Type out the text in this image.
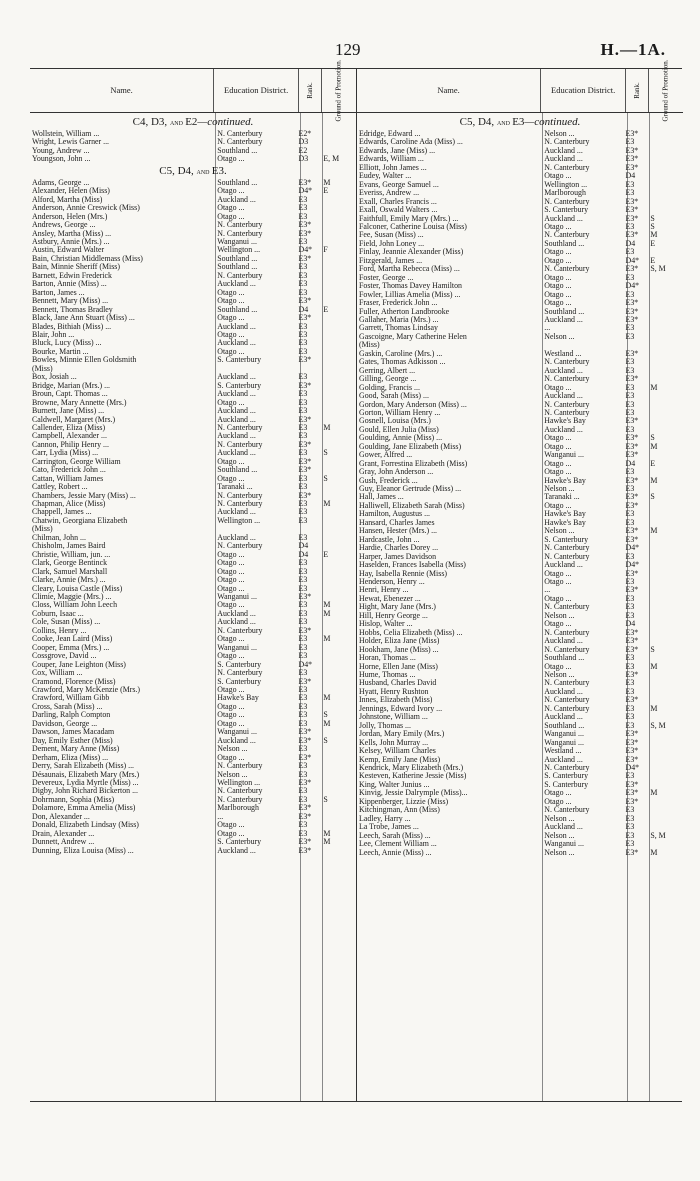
129	H.—1A.
Name.	Education District.	Rank.	Ground of Promotion.
C4, D3, and E2—continued.
Wollstein, William ...	N. Canterbury	E2*
Wright, Lewis Garner ...	N. Canterbury	D3
Young, Andrew ...	Southland ...	E2
Youngson, John ...	Otago ...	D3	E, M
C5, D4, and E3.
Adams, George ...	Southland ...	E3*	M
Alexander, Helen (Miss)	Otago ...	D4*	E
Alford, Martha (Miss)	Auckland ...	E3
Anderson, Annie Creswick (Miss)	Otago ...	E3
Anderson, Helen (Mrs.)	Otago ...	E3
Andrews, George ...	N. Canterbury	E3*
Ansley, Martha (Miss) ...	N. Canterbury	E3*
Astbury, Annie (Mrs.) ...	Wanganui ...	E3
Austin, Edward Walter	Wellington ...	D4*	F
Bain, Christian Middlemass (Miss)	Southland ...	E3*
Bain, Minnie Sheriff (Miss)	Southland ...	E3
Barnett, Edwin Frederick	N. Canterbury	E3
Barton, Annie (Miss) ...	Auckland ...	E3
Barton, James ...	Otago ...	E3
Bennett, Mary (Miss) ...	Otago ...	E3*
Bennett, Thomas Bradley	Southland ...	D4	E
Black, Jane Ann Stuart (Miss) ...	Otago ...	E3*
Blades, Bithiah (Miss) ...	Auckland ...	E3
Blair, John ...	Otago ...	E3
Bluck, Lucy (Miss) ...	Auckland ...	E3
Bourke, Martin ...	Otago ...	E3
Bowles, Minnie Ellen Goldsmith	S. Canterbury	E3*
(Miss)
Box, Josiah ...	Auckland ...	E3
Bridge, Marian (Mrs.) ...	S. Canterbury	E3*
Broun, Capt. Thomas ...	Auckland ...	E3
Browne, Mary Annette (Mrs.)	Otago ...	E3
Burnett, Jane (Miss) ...	Auckland ...	E3
Caldwell, Margaret (Mrs.)	Auckland ...	E3*
Callender, Eliza (Miss)	N. Canterbury	E3	M
Campbell, Alexander ...	Auckland ...	E3
Cannon, Philip Henry ...	N. Canterbury	E3*
Carr, Lydia (Miss) ...	Auckland ...	E3	S
Carrington, George William	Otago ...	E3*
Cato, Frederick John ...	Southland ...	E3*
Cattan, William James	Otago ...	E3	S
Cattley, Robert ...	Taranaki ...	E3
Chambers, Jessie Mary (Miss) ...	N. Canterbury	E3*
Chapman, Alice (Miss)	N. Canterbury	E3	M
Chappell, James ...	Auckland ...	E3
Chatwin, Georgiana Elizabeth	Wellington ...	E3
(Miss)
Chilman, John ...	Auckland ...	E3
Chisholm, James Baird	N. Canterbury	D4
Christie, William, jun. ...	Otago ...	D4	E
Clark, George Bentinck	Otago ...	E3
Clark, Samuel Marshall	Otago ...	E3
Clarke, Annie (Mrs.) ...	Otago ...	E3
Cleary, Louisa Castle (Miss)	Otago ...	E3
Climie, Maggie (Mrs.) ...	Wanganui ...	E3*
Closs, William John Leech	Otago ...	E3	M
Coburn, Isaac ...	Auckland ...	E3	M
Cole, Susan (Miss) ...	Auckland ...	E3
Collins, Henry ...	N. Canterbury	E3*
Cooke, Jean Laird (Miss)	Otago ...	E3	M
Cooper, Emma (Mrs.) ...	Wanganui ...	E3
Cossgrove, David ...	Otago ...	E3
Couper, Jane Leighton (Miss)	S. Canterbury	D4*
Cox, William ...	N. Canterbury	E3
Cramond, Florence (Miss)	S. Canterbury	E3*
Crawford, Mary McKenzie (Mrs.)	Otago ...	E3
Crawford, William Gibb	Hawke's Bay	E3	M
Cross, Sarah (Miss) ...	Otago ...	E3
Darling, Ralph Compton	Otago ...	E3	S
Davidson, George ...	Otago ...	E3	M
Dawson, James Macadam	Wanganui ...	E3*
Day, Emily Esther (Miss)	Auckland ...	E3*	S
Dement, Mary Anne (Miss)	Nelson ...	E3
Derham, Eliza (Miss) ...	Otago ...	E3*
Derry, Sarah Elizabeth (Miss) ...	N. Canterbury	E3
Désaunais, Elizabeth Mary (Mrs.)	Nelson ...	E3
Devereux, Lydia Myrtle (Miss) ...	Wellington ...	E3*
Digby, John Richard Bickerton ...	N. Canterbury	E3
Dohrmann, Sophia (Miss)	N. Canterbury	E3	S
Dolamore, Emma Amelia (Miss)	Marlborough	E3*
Don, Alexander ...	...	E3*
Donald, Elizabeth Lindsay (Miss)	Otago ...	E3
Drain, Alexander ...	Otago ...	E3	M
Dunnett, Andrew ...	S. Canterbury	E3*	M
Dunning, Eliza Louisa (Miss) ...	Auckland ...	E3*
Name.	Education District.	Rank.	Ground of Promotion.
C5, D4, and E3—continued.
Edridge, Edward ...	Nelson ...	E3*
Edwards, Caroline Ada (Miss) ...	N. Canterbury	E3
Edwards, Jane (Miss) ...	Auckland ...	E3*
Edwards, William ...	Auckland ...	E3*
Elliott, John James ...	N. Canterbury	E3*
Eudey, Walter ...	Otago ...	D4
Evans, George Samuel ...	Wellington ...	E3
Everiss, Andrew ...	Marlborough	E3
Exall, Charles Francis ...	N. Canterbury	E3*
Exall, Oswald Walters ...	S. Canterbury	E3*
Faithfull, Emily Mary (Mrs.) ...	Auckland ...	E3*	S
Falconer, Catherine Louisa (Miss)	Otago ...	E3	S
Fee, Susan (Miss) ...	N. Canterbury	E3*	M
Field, John Loney ...	Southland ...	D4	E
Finlay, Jeannie Alexander (Miss)	Otago ...	E3
Fitzgerald, James ...	Otago ...	D4*	E
Ford, Martha Rebecca (Miss) ...	N. Canterbury	E3*	S, M
Foster, George ...	Otago ...	E3
Foster, Thomas Davey Hamilton	Otago ...	D4*
Fowler, Lillias Amelia (Miss) ...	Otago ...	E3
Fraser, Frederick John ...	Otago ...	E3*
Fuller, Atherton Landbrooke	Southland ...	E3*
Gallaher, Maria (Mrs.) ...	Auckland ...	E3*
Garrett, Thomas Lindsay	...	E3
Gascoigne, Mary Catherine Helen	Nelson ...	E3
(Miss)
Gaskin, Caroline (Mrs.) ...	Westland ...	E3*
Gates, Thomas Adkisson ...	N. Canterbury	E3
Gerring, Albert ...	Auckland ...	E3
Gilling, George ...	N. Canterbury	E3*
Golding, Francis ...	Otago ...	E3	M
Good, Sarah (Miss) ...	Auckland ...	E3
Gordon, Mary Anderson (Miss) ...	N. Canterbury	E3
Gorton, William Henry ...	N. Canterbury	E3
Gosnell, Louisa (Mrs.)	Hawke's Bay	E3*
Gould, Ellen Julia (Miss)	Auckland ...	E3
Goulding, Annie (Miss) ...	Otago ...	E3*	S
Goulding, Jane Elizabeth (Miss)	Otago ...	E3*	M
Gower, Alfred ...	Wanganui ...	E3*
Grant, Forrestina Elizabeth (Miss)	Otago ...	D4	E
Gray, John Anderson ...	Otago ...	E3
Gush, Frederick ...	Hawke's Bay	E3*	M
Guy, Eleanor Gertrude (Miss) ...	Nelson ...	E3
Hall, James ...	Taranaki ...	E3*	S
Halliwell, Elizabeth Sarah (Miss)	Otago ...	E3*
Hamilton, Augustus ...	Hawke's Bay	E3
Hansard, Charles James	Hawke's Bay	E3
Hansen, Hester (Mrs.) ...	Nelson ...	E3*	M
Hardcastle, John ...	S. Canterbury	E3*
Hardie, Charles Dorey ...	N. Canterbury	D4*
Harper, James Davidson	N. Canterbury	E3
Haselden, Frances Isabella (Miss)	Auckland ...	D4*
Hay, Isabella Rennie (Miss)	Otago ...	E3*
Henderson, Henry ...	Otago ...	E3
Henri, Henry ...	...	E3*
Hewat, Ebenezer ...	Otago ...	E3
Hight, Mary Jane (Mrs.)	N. Canterbury	E3
Hill, Henry George ...	Nelson ...	E3
Hislop, Walter ...	Otago ...	D4
Hobbs, Celia Elizabeth (Miss) ...	N. Canterbury	E3*
Holder, Eliza Jane (Miss)	Auckland ...	E3*
Hookham, Jane (Miss) ...	N. Canterbury	E3*	S
Horan, Thomas ...	Southland ...	E3
Horne, Ellen Jane (Miss)	Otago ...	E3	M
Hume, Thomas ...	Nelson ...	E3*
Husband, Charles David	N. Canterbury	E3
Hyatt, Henry Rushton	Auckland ...	E3
Innes, Elizabeth (Miss)	N. Canterbury	E3*
Jennings, Edward Ivory ...	N. Canterbury	E3	M
Johnstone, William ...	Auckland ...	E3
Jolly, Thomas ...	Southland ...	E3	S, M
Jordan, Mary Emily (Mrs.)	Wanganui ...	E3*
Kells, John Murray ...	Wanganui ...	E3*
Kelsey, William Charles	Westland ...	E3*
Kemp, Emily Jane (Miss)	Auckland ...	E3*
Kendrick, Mary Elizabeth (Mrs.)	N. Canterbury	D4*
Kesteven, Katherine Jessie (Miss)	S. Canterbury	E3
King, Walter Junius ...	S. Canterbury	E3*
Kinvig, Jessie Dalrymple (Miss)...	Otago ...	E3*	M
Kippenberger, Lizzie (Miss)	Otago ...	E3*
Kitchingman, Ann (Miss)	N. Canterbury	E3
Ladley, Harry ...	Nelson ...	E3
La Trobe, James ...	Auckland ...	E3
Leech, Sarah (Miss) ...	Nelson ...	E3	S, M
Lee, Clement William ...	Wanganui ...	E3
Leech, Annie (Miss) ...	Nelson ...	E3*	M
